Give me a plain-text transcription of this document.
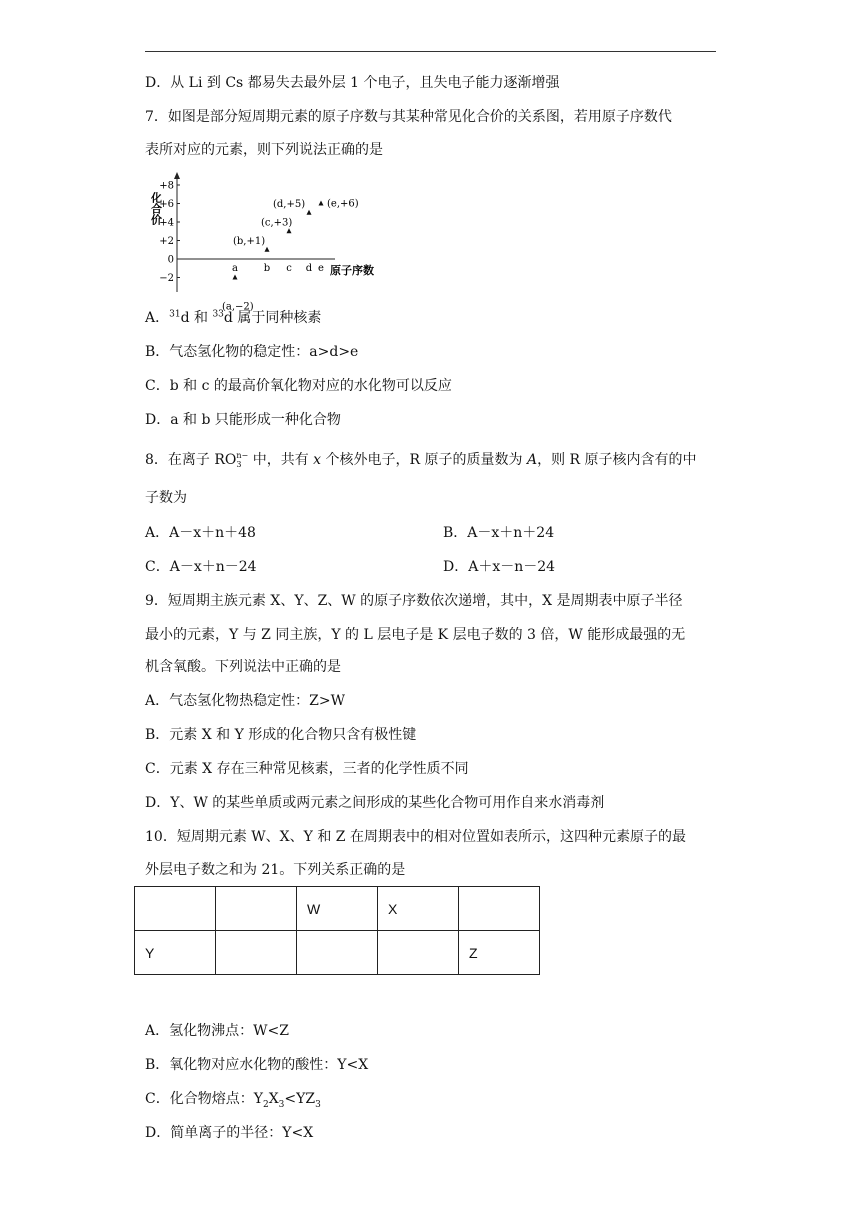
D．从 Li 到 Cs 都易失去最外层 1 个电子，且失电子能力逐渐增强
7．如图是部分短周期元素的原子序数与其某种常见化合价的关系图，若用原子序数代
表所对应的元素，则下列说法正确的是
化合价
原子序数
+8
+6
+4
+2
0
−2
a	b c d e
(a,−2)
(b,+1)
(c,+3)
(d,+5) (e,+6)
A．$^{31}$d 和 $^{33}$d 属于同种核素
B．气态氢化物的稳定性：a>d>e
C．b 和 c 的最高价氧化物对应的水化物可以反应
D．a 和 b 只能形成一种化合物
8．在离子 RO n−
3 中，共有 x 个核外电子，R 原子的质量数为 A，则 R 原子核内含有的中
子数为
A．A－x＋n＋48	B．A－x＋n＋24
C．A－x＋n－24	D．A＋x－n－24
9．短周期主族元素 X、Y、Z、W 的原子序数依次递增，其中，X 是周期表中原子半径
最小的元素，Y 与 Z 同主族，Y 的 L 层电子是 K 层电子数的 3 倍，W 能形成最强的无
机含氧酸。下列说法中正确的是
A．气态氢化物热稳定性：Z>W
B．元素 X 和 Y 形成的化合物只含有极性键
C．元素 X 存在三种常见核素，三者的化学性质不同
D．Y、W 的某些单质或两元素之间形成的某些化合物可用作自来水消毒剂
10．短周期元素 W、X、Y 和 Z 在周期表中的相对位置如表所示，这四种元素原子的最
外层电子数之和为 21。下列关系正确的是
		W	X	
Y				Z
A．氢化物沸点：W<Z
B．氧化物对应水化物的酸性：Y<X
C．化合物熔点：$Y_2X_3<YZ_3$
D．简单离子的半径：Y<X
